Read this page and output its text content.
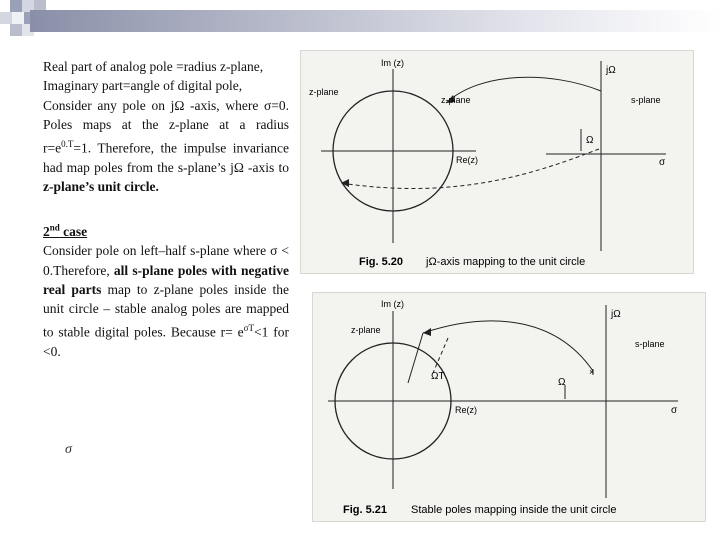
Real part of analog pole =radius z-plane,

Imaginary part=angle of digital pole,

Consider any pole on jΩ -axis, where σ=0. Poles maps at the z-plane at a radius $r=e^{0.T}=1$. Therefore, the impulse invariance had map poles from the s-plane’s jΩ -axis to z-plane’s unit circle.

2nd case

Consider pole on left–half s-plane where σ < 0.Therefore, all s-plane poles with negative real parts map to z-plane poles inside the unit circle – stable analog poles are mapped to stable digital poles. Because $r= e^{\sigma T}<1$ for <0.

σ
Im (z)
z-plane
z-plane
jΩ
s-plane
Ω
Re(z)	σ
Fig. 5.20 jΩ-axis mapping to the unit circle
×
Im (z)
z-plane
jΩ
s-plane
ΩT
Ω
Re(z)	σ
Fig. 5.21 Stable poles mapping inside the unit circle
